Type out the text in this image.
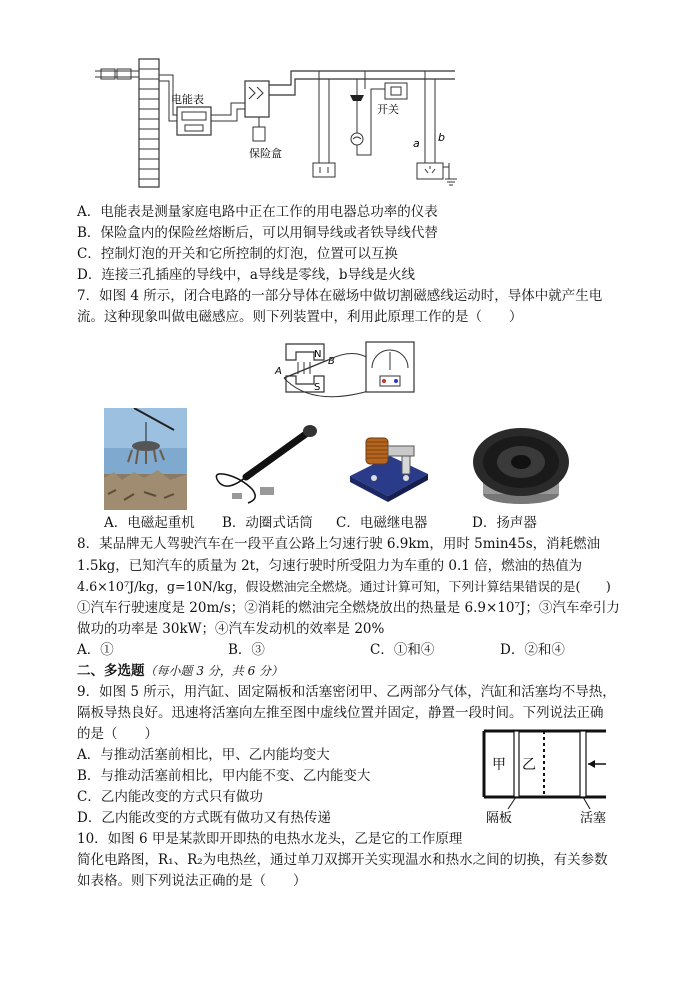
电能表
保险盒
开关
a b
A．电能表是测量家庭电路中正在工作的用电器总功率的仪表
B．保险盒内的保险丝熔断后，可以用铜导线或者铁导线代替
C．控制灯泡的开关和它所控制的灯泡，位置可以互换
D．连接三孔插座的导线中，a导线是零线，b导线是火线
7．如图 4 所示，闭合电路的一部分导体在磁场中做切割磁感线运动时，导体中就产生电
流。这种现象叫做电磁感应。则下列装置中，利用此原理工作的是（　　）
N
S
A
B
A．电磁起重机 B．动圈式话筒 C．电磁继电器	D．扬声器
8．某品牌无人驾驶汽车在一段平直公路上匀速行驶 6.9km，用时 5min45s，消耗燃油
1.5kg，已知汽车的质量为 2t，匀速行驶时所受阻力为车重的 0.1 倍，燃油的热值为
4.6×10⁷J/kg，g=10N/kg，假设燃油完全燃烧。通过计算可知，下列计算结果错误的是(　　)
①汽车行驶速度是 20m/s；②消耗的燃油完全燃烧放出的热量是 6.9×10⁷J；③汽车牵引力
做功的功率是 30kW；④汽车发动机的效率是 20%
A．①	B．③	C．①和④	D．②和④
二、多选题（每小题 3 分，共 6 分）
9．如图 5 所示，用汽缸、固定隔板和活塞密闭甲、乙两部分气体，汽缸和活塞均不导热，
隔板导热良好。迅速将活塞向左推至图中虚线位置并固定，静置一段时间。下列说法正确
的是（　　）
A．与推动活塞前相比，甲、乙内能均变大
B．与推动活塞前相比，甲内能不变、乙内能变大
C．乙内能改变的方式只有做功
D．乙内能改变的方式既有做功又有热传递
甲 乙
隔板	活塞
10．如图 6 甲是某款即开即热的电热水龙头，乙是它的工作原理
简化电路图，R₁、R₂为电热丝，通过单刀双掷开关实现温水和热水之间的切换，有关参数
如表格。则下列说法正确的是（　　）
